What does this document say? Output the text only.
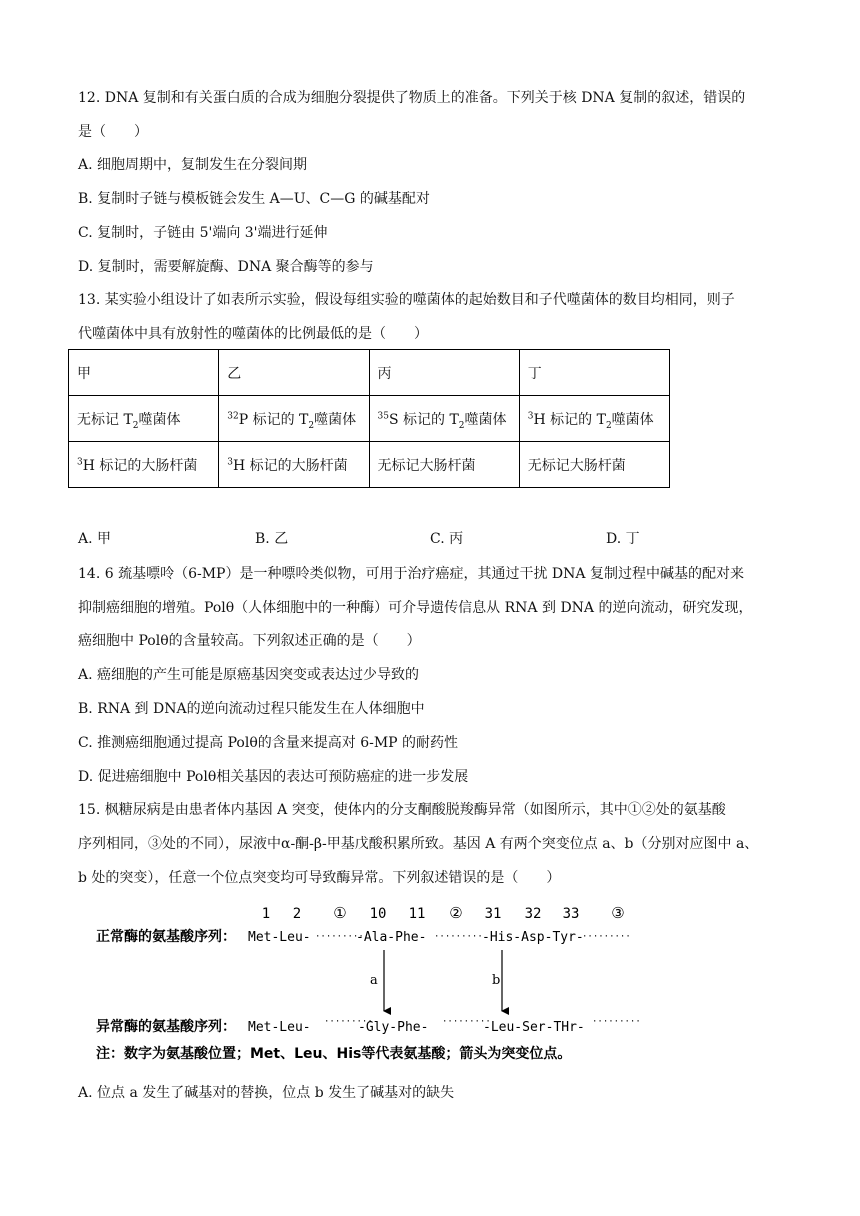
12. DNA 复制和有关蛋白质的合成为细胞分裂提供了物质上的准备。下列关于核 DNA 复制的叙述，错误的
是（　　）
A. 细胞周期中，复制发生在分裂间期
B. 复制时子链与模板链会发生 A—U、C—G 的碱基配对
C. 复制时，子链由 5'端向 3'端进行延伸
D. 复制时，需要解旋酶、DNA 聚合酶等的参与
13. 某实验小组设计了如表所示实验，假设每组实验的噬菌体的起始数目和子代噬菌体的数目均相同，则子
代噬菌体中具有放射性的噬菌体的比例最低的是（　　）
甲	乙	丙	丁
无标记 $T_2$噬菌体	$^{32}$P 标记的 $T_2$噬菌体	$^{35}$S 标记的 $T_2$噬菌体	$^3$H 标记的 $T_2$噬菌体
$^3$H 标记的大肠杆菌	$^3$H 标记的大肠杆菌	无标记大肠杆菌	无标记大肠杆菌
A. 甲	B. 乙	C. 丙	D. 丁
14. 6 巯基嘌呤（6-MP）是一种嘌呤类似物，可用于治疗癌症，其通过干扰 DNA 复制过程中碱基的配对来
抑制癌细胞的增殖。Polθ（人体细胞中的一种酶）可介导遗传信息从 RNA 到 DNA 的逆向流动，研究发现，
癌细胞中 Polθ的含量较高。下列叙述正确的是（　　）
A. 癌细胞的产生可能是原癌基因突变或表达过少导致的
B. RNA 到 DNA的逆向流动过程只能发生在人体细胞中
C. 推测癌细胞通过提高 Polθ的含量来提高对 6-MP 的耐药性
D. 促进癌细胞中 Polθ相关基因的表达可预防癌症的进一步发展
15. 枫糖尿病是由患者体内基因 A 突变，使体内的分支酮酸脱羧酶异常（如图所示，其中①②处的氨基酸
序列相同，③处的不同），尿液中α-酮-β-甲基戊酸积累所致。基因 A 有两个突变位点 a、b（分别对应图中 a、
b 处的突变），任意一个位点突变均可导致酶异常。下列叙述错误的是（　　）
1 2 ① 10 11 ② 31 32 33 ③
正常酶的氨基酸序列： Met-Leu- ·········
-Ala-Phe- ········· -His-Asp-Tyr-
·········
a	b
异常酶的氨基酸序列： Met-Leu- ·········
-Gly-Phe- ·········
-Leu-Ser-THr- ·········
注：数字为氨基酸位置；Met、Leu、His等代表氨基酸；箭头为突变位点。
A. 位点 a 发生了碱基对的替换，位点 b 发生了碱基对的缺失
